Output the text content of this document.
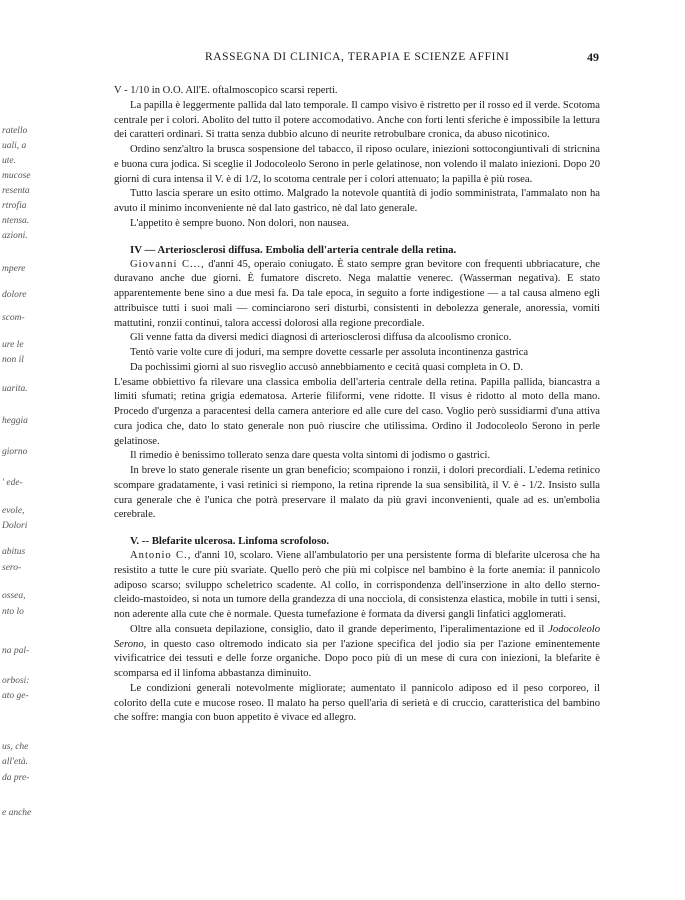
ratello
uali, a
ute.
mucose
resenta
rtrofia
ntensa.
azioni.
mpere
dolore
scom-
ure le
non il
uarita.
heggia
giorno
' ede-
evole,
Dolori
abitus
sero-
ossea,
nto lo
na pal-
orbosi:
ato ge-
us, che
all'età.
da pre-
e anche
RASSEGNA DI CLINICA, TERAPIA E SCIENZE AFFINI	49

V - 1/10 in O.O. All'E. oftalmoscopico scarsi reperti.

La papilla è leggermente pallida dal lato temporale. Il campo visivo è ristretto per il rosso ed il verde. Scotoma centrale per i colori. Abolito del tutto il potere accomodativo. Anche con forti lenti sferiche è impossibile la lettura dei caratteri ordinari. Si tratta senza dubbio alcuno di neurite retrobulbare cronica, da abuso nicotinico.

Ordino senz'altro la brusca sospensione del tabacco, il riposo oculare, iniezioni sottocongiuntivali di stricnina e buona cura jodica. Si sceglie il Jodocoleolo Serono in perle gelatinose, non volendo il malato iniezioni. Dopo 20 giorni di cura intensa il V. è di 1/2, lo scotoma centrale per i colori attenuato; la papilla è più rosea.

Tutto lascia sperare un esito ottimo. Malgrado la notevole quantità di jodio somministrata, l'ammalato non ha avuto il minimo inconveniente nè dal lato gastrico, nè dal lato generale.

L'appetito è sempre buono. Non dolori, non nausea.

IV — Arteriosclerosi diffusa. Embolia dell'arteria centrale della retina.

Giovanni C..., d'anni 45, operaio coniugato. È stato sempre gran bevitore con frequenti ubbriacature, che duravano anche due giorni. È fumatore discreto. Nega malattie venerec. (Wasserman negativa). E stato apparentemente bene sino a due mesi fa. Da tale epoca, in seguito a forte indigestione — a tal causa almeno egli attribuisce tutti i suoi mali — cominciarono seri disturbi, consistenti in debolezza generale, anoressia, vomiti mattutini, ronzii continui, talora accessi dolorosi alla regione precordiale.

Gli venne fatta da diversi medici diagnosi di arteriosclerosi diffusa da alcoolismo cronico.

Tentò varie volte cure di joduri, ma sempre dovette cessarle per assoluta incontinenza gastrica

Da pochissimi giorni al suo risveglio accusò annebbiamento e cecità quasi completa in O. D.

L'esame obbiettivo fa rilevare una classica embolia dell'arteria centrale della retina. Papilla pallida, biancastra a limiti sfumati; retina grigia edematosa. Arterie filiformi, vene ridotte. Il visus è ridotto al moto della mano. Procedo d'urgenza a paracentesi della camera anteriore ed alle cure del caso. Voglio però sussidiarmi d'una attiva cura jodica che, dato lo stato generale non può riuscire che utilissima. Ordino il Jodocoleolo Serono in perle gelatinose.

Il rimedio è benissimo tollerato senza dare questa volta sintomi di jodismo o gastrici.

In breve lo stato generale risente un gran beneficio; scompaiono i ronzii, i dolori precordiali. L'edema retinico scompare gradatamente, i vasi retinici si riempono, la retina riprende la sua sensibilità, il V. è - 1/2. Insisto sulla cura generale che è l'unica che potrà preservare il malato da più gravi inconvenienti, quale ad es. un'embolia cerebrale.

V. -- Blefarite ulcerosa. Linfoma scrofoloso.

Antonio C., d'anni 10, scolaro. Viene all'ambulatorio per una persistente forma di blefarite ulcerosa che ha resistito a tutte le cure più svariate. Quello però che più mi colpisce nel bambino è la forte anemia: il pannicolo adiposo scarso; sviluppo scheletrico scadente. Al collo, in corrispondenza dell'inserzione in alto dello sterno-cleido-mastoideo, si nota un tumore della grandezza di una nocciola, di consistenza elastica, mobile in tutti i sensi, non aderente alla cute che è normale. Questa tumefazione è formata da diversi gangli linfatici agglomerati.

Oltre alla consueta depilazione, consiglio, dato il grande deperimento, l'iperalimentazione ed il Jodocoleolo Serono, in questo caso oltremodo indicato sia per l'azione specifica del jodio sia per l'azione eminentemente vivificatrice dei tessuti e delle forze organiche. Dopo poco più di un mese di cura con iniezioni, la blefarite è scomparsa ed il linfoma abbastanza diminuito.

Le condizioni generali notevolmente migliorate; aumentato il pannicolo adiposo ed il peso corporeo, il colorito della cute e mucose roseo. Il malato ha perso quell'aria di serietà e di cruccio, caratteristica del bambino che soffre: mangia con buon appetito è vivace ed allegro.
